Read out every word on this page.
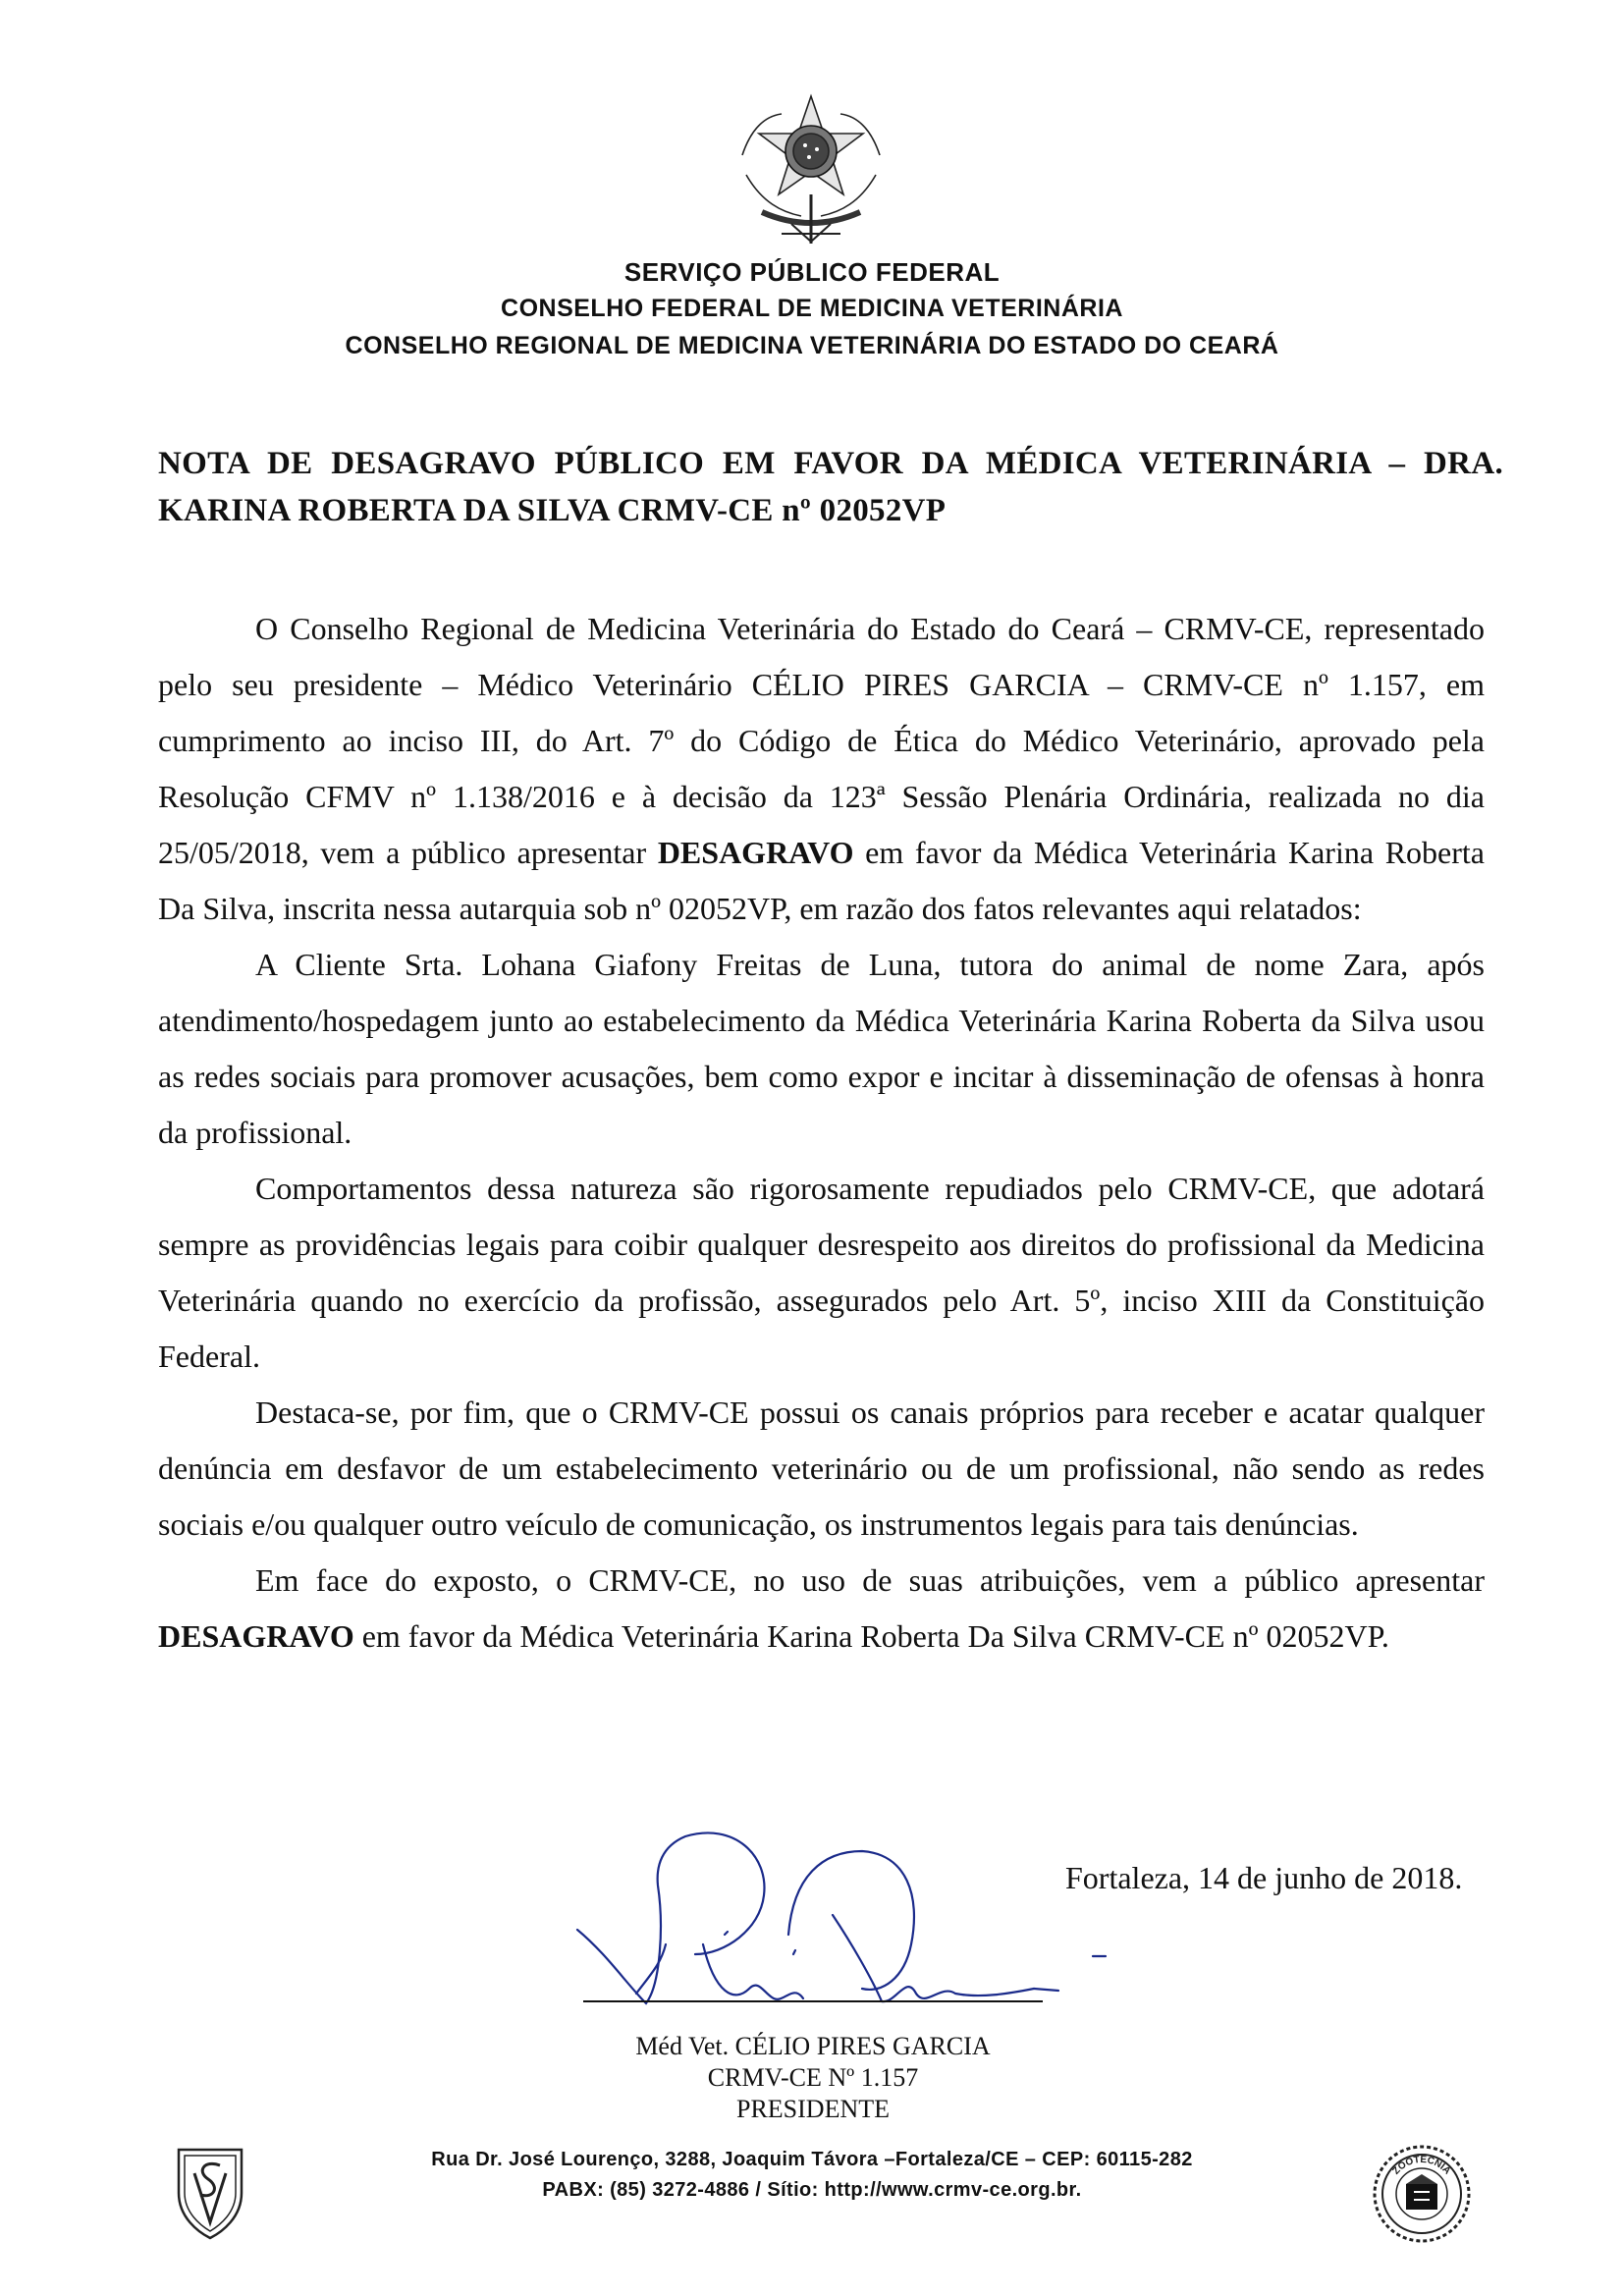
SERVIÇO PÚBLICO FEDERAL
CONSELHO FEDERAL DE MEDICINA VETERINÁRIA
CONSELHO REGIONAL DE MEDICINA VETERINÁRIA DO ESTADO DO CEARÁ
NOTA DE DESAGRAVO PÚBLICO EM FAVOR DA MÉDICA VETERINÁRIA – DRA. KARINA ROBERTA DA SILVA CRMV-CE nº 02052VP

O Conselho Regional de Medicina Veterinária do Estado do Ceará – CRMV-CE, representado pelo seu presidente – Médico Veterinário CÉLIO PIRES GARCIA – CRMV-CE nº 1.157, em cumprimento ao inciso III, do Art. 7º do Código de Ética do Médico Veterinário, aprovado pela Resolução CFMV nº 1.138/2016 e à decisão da 123ª Sessão Plenária Ordinária, realizada no dia 25/05/2018, vem a público apresentar DESAGRAVO em favor da Médica Veterinária Karina Roberta Da Silva, inscrita nessa autarquia sob nº 02052VP, em razão dos fatos relevantes aqui relatados:

A Cliente Srta. Lohana Giafony Freitas de Luna, tutora do animal de nome Zara, após atendimento/hospedagem junto ao estabelecimento da Médica Veterinária Karina Roberta da Silva usou as redes sociais para promover acusações, bem como expor e incitar à disseminação de ofensas à honra da profissional.

Comportamentos dessa natureza são rigorosamente repudiados pelo CRMV-CE, que adotará sempre as providências legais para coibir qualquer desrespeito aos direitos do profissional da Medicina Veterinária quando no exercício da profissão, assegurados pelo Art. 5º, inciso XIII da Constituição Federal.

Destaca-se, por fim, que o CRMV-CE possui os canais próprios para receber e acatar qualquer denúncia em desfavor de um estabelecimento veterinário ou de um profissional, não sendo as redes sociais e/ou qualquer outro veículo de comunicação, os instrumentos legais para tais denúncias.

Em face do exposto, o CRMV-CE, no uso de suas atribuições, vem a público apresentar DESAGRAVO em favor da Médica Veterinária Karina Roberta Da Silva CRMV-CE nº 02052VP.

Fortaleza, 14 de junho de 2018.
Méd Vet. CÉLIO PIRES GARCIA
CRMV-CE Nº 1.157
PRESIDENTE
Rua Dr. José Lourenço, 3288, Joaquim Távora –Fortaleza/CE – CEP: 60115-282
PABX: (85) 3272-4886 / Sítio: http://www.crmv-ce.org.br.
ZOOTECNIA
